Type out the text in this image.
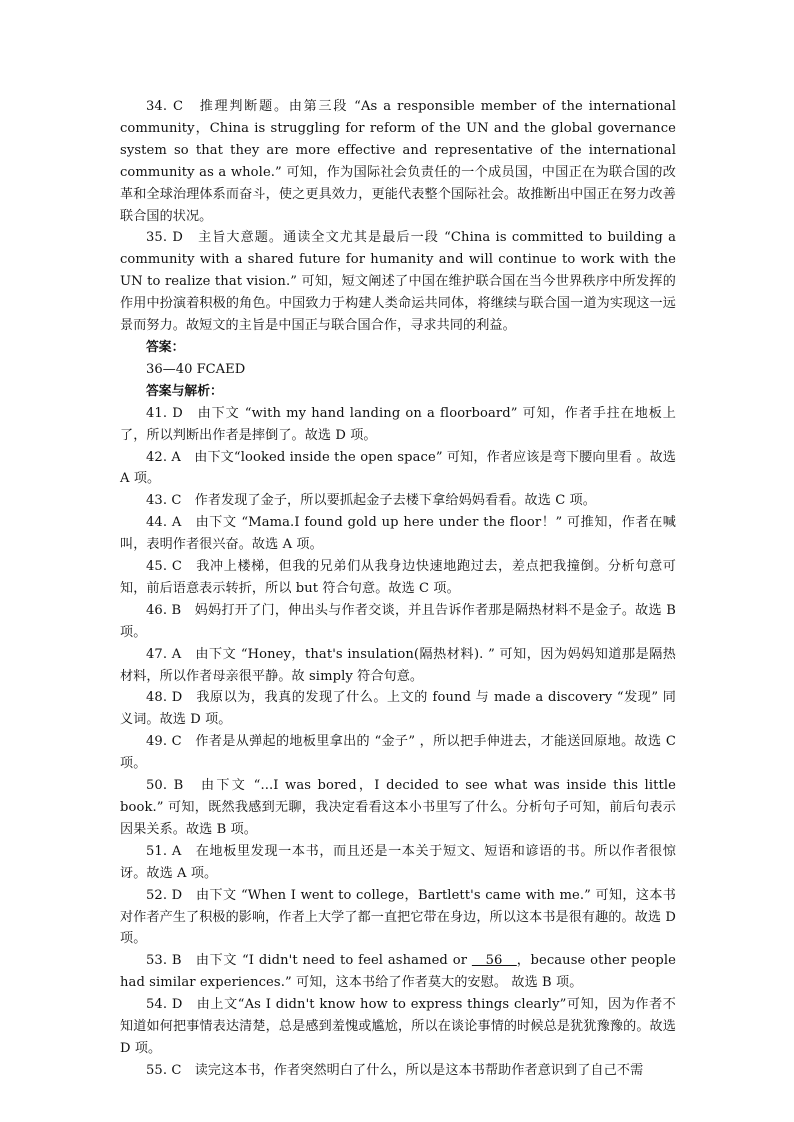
34. C　推理判断题。由第三段 “As a responsible member of the international community，China is struggling for reform of the UN and the global governance system so that they are more effective and representative of the international community as a whole.” 可知，作为国际社会负责任的一个成员国，中国正在为联合国的改革和全球治理体系而奋斗，使之更具效力，更能代表整个国际社会。故推断出中国正在努力改善联合国的状况。

35. D　主旨大意题。通读全文尤其是最后一段 “China is committed to building a community with a shared future for humanity and will continue to work with the UN to realize that vision.” 可知，短文阐述了中国在维护联合国在当今世界秩序中所发挥的作用中扮演着积极的角色。中国致力于构建人类命运共同体，将继续与联合国一道为实现这一远景而努力。故短文的主旨是中国正与联合国合作，寻求共同的利益。

答案：

36—40 FCAED

答案与解析：

41. D　由下文 “with my hand landing on a floorboard” 可知，作者手拄在地板上了，所以判断出作者是摔倒了。故选 D 项。

42. A　由下文“looked inside the open space” 可知，作者应该是弯下腰向里看 。故选 A 项。

43. C　作者发现了金子，所以要抓起金子去楼下拿给妈妈看看。故选 C 项。

44. A　由下文 “Mama.I found gold up here under the floor！” 可推知，作者在喊叫，表明作者很兴奋。故选 A 项。

45. C　我冲上楼梯，但我的兄弟们从我身边快速地跑过去，差点把我撞倒。分析句意可知，前后语意表示转折，所以 but 符合句意。故选 C 项。

46. B　妈妈打开了门，伸出头与作者交谈，并且告诉作者那是隔热材料不是金子。故选 B 项。

47. A　由下文 “Honey，that's insulation(隔热材料). ” 可知，因为妈妈知道那是隔热材料，所以作者母亲很平静。故 simply 符合句意。

48. D　我原以为，我真的发现了什么。上文的 found 与 made a discovery “发现” 同义词。故选 D 项。

49. C　作者是从弹起的地板里拿出的 “金子” ，所以把手伸进去，才能送回原地。故选 C 项。

50. B　由下文 “...I was bored，I decided to see what was inside this little book.” 可知，既然我感到无聊，我决定看看这本小书里写了什么。分析句子可知，前后句表示因果关系。故选 B 项。

51. A　在地板里发现一本书，而且还是一本关于短文、短语和谚语的书。所以作者很惊讶。故选 A 项。

52. D　由下文 “When I went to college，Bartlett's came with me.” 可知，这本书对作者产生了积极的影响，作者上大学了都一直把它带在身边，所以这本书是很有趣的。故选 D 项。

53. B　由下文 “I didn't need to feel ashamed or 　56　，because other people had similar experiences.” 可知，这本书给了作者莫大的安慰。 故选 B 项。

54. D　由上文“As I didn't know how to express things clearly”可知，因为作者不知道如何把事情表达清楚，总是感到羞愧或尴尬，所以在谈论事情的时候总是犹犹豫豫的。故选 D 项。

55. C　读完这本书，作者突然明白了什么，所以是这本书帮助作者意识到了自己不需
